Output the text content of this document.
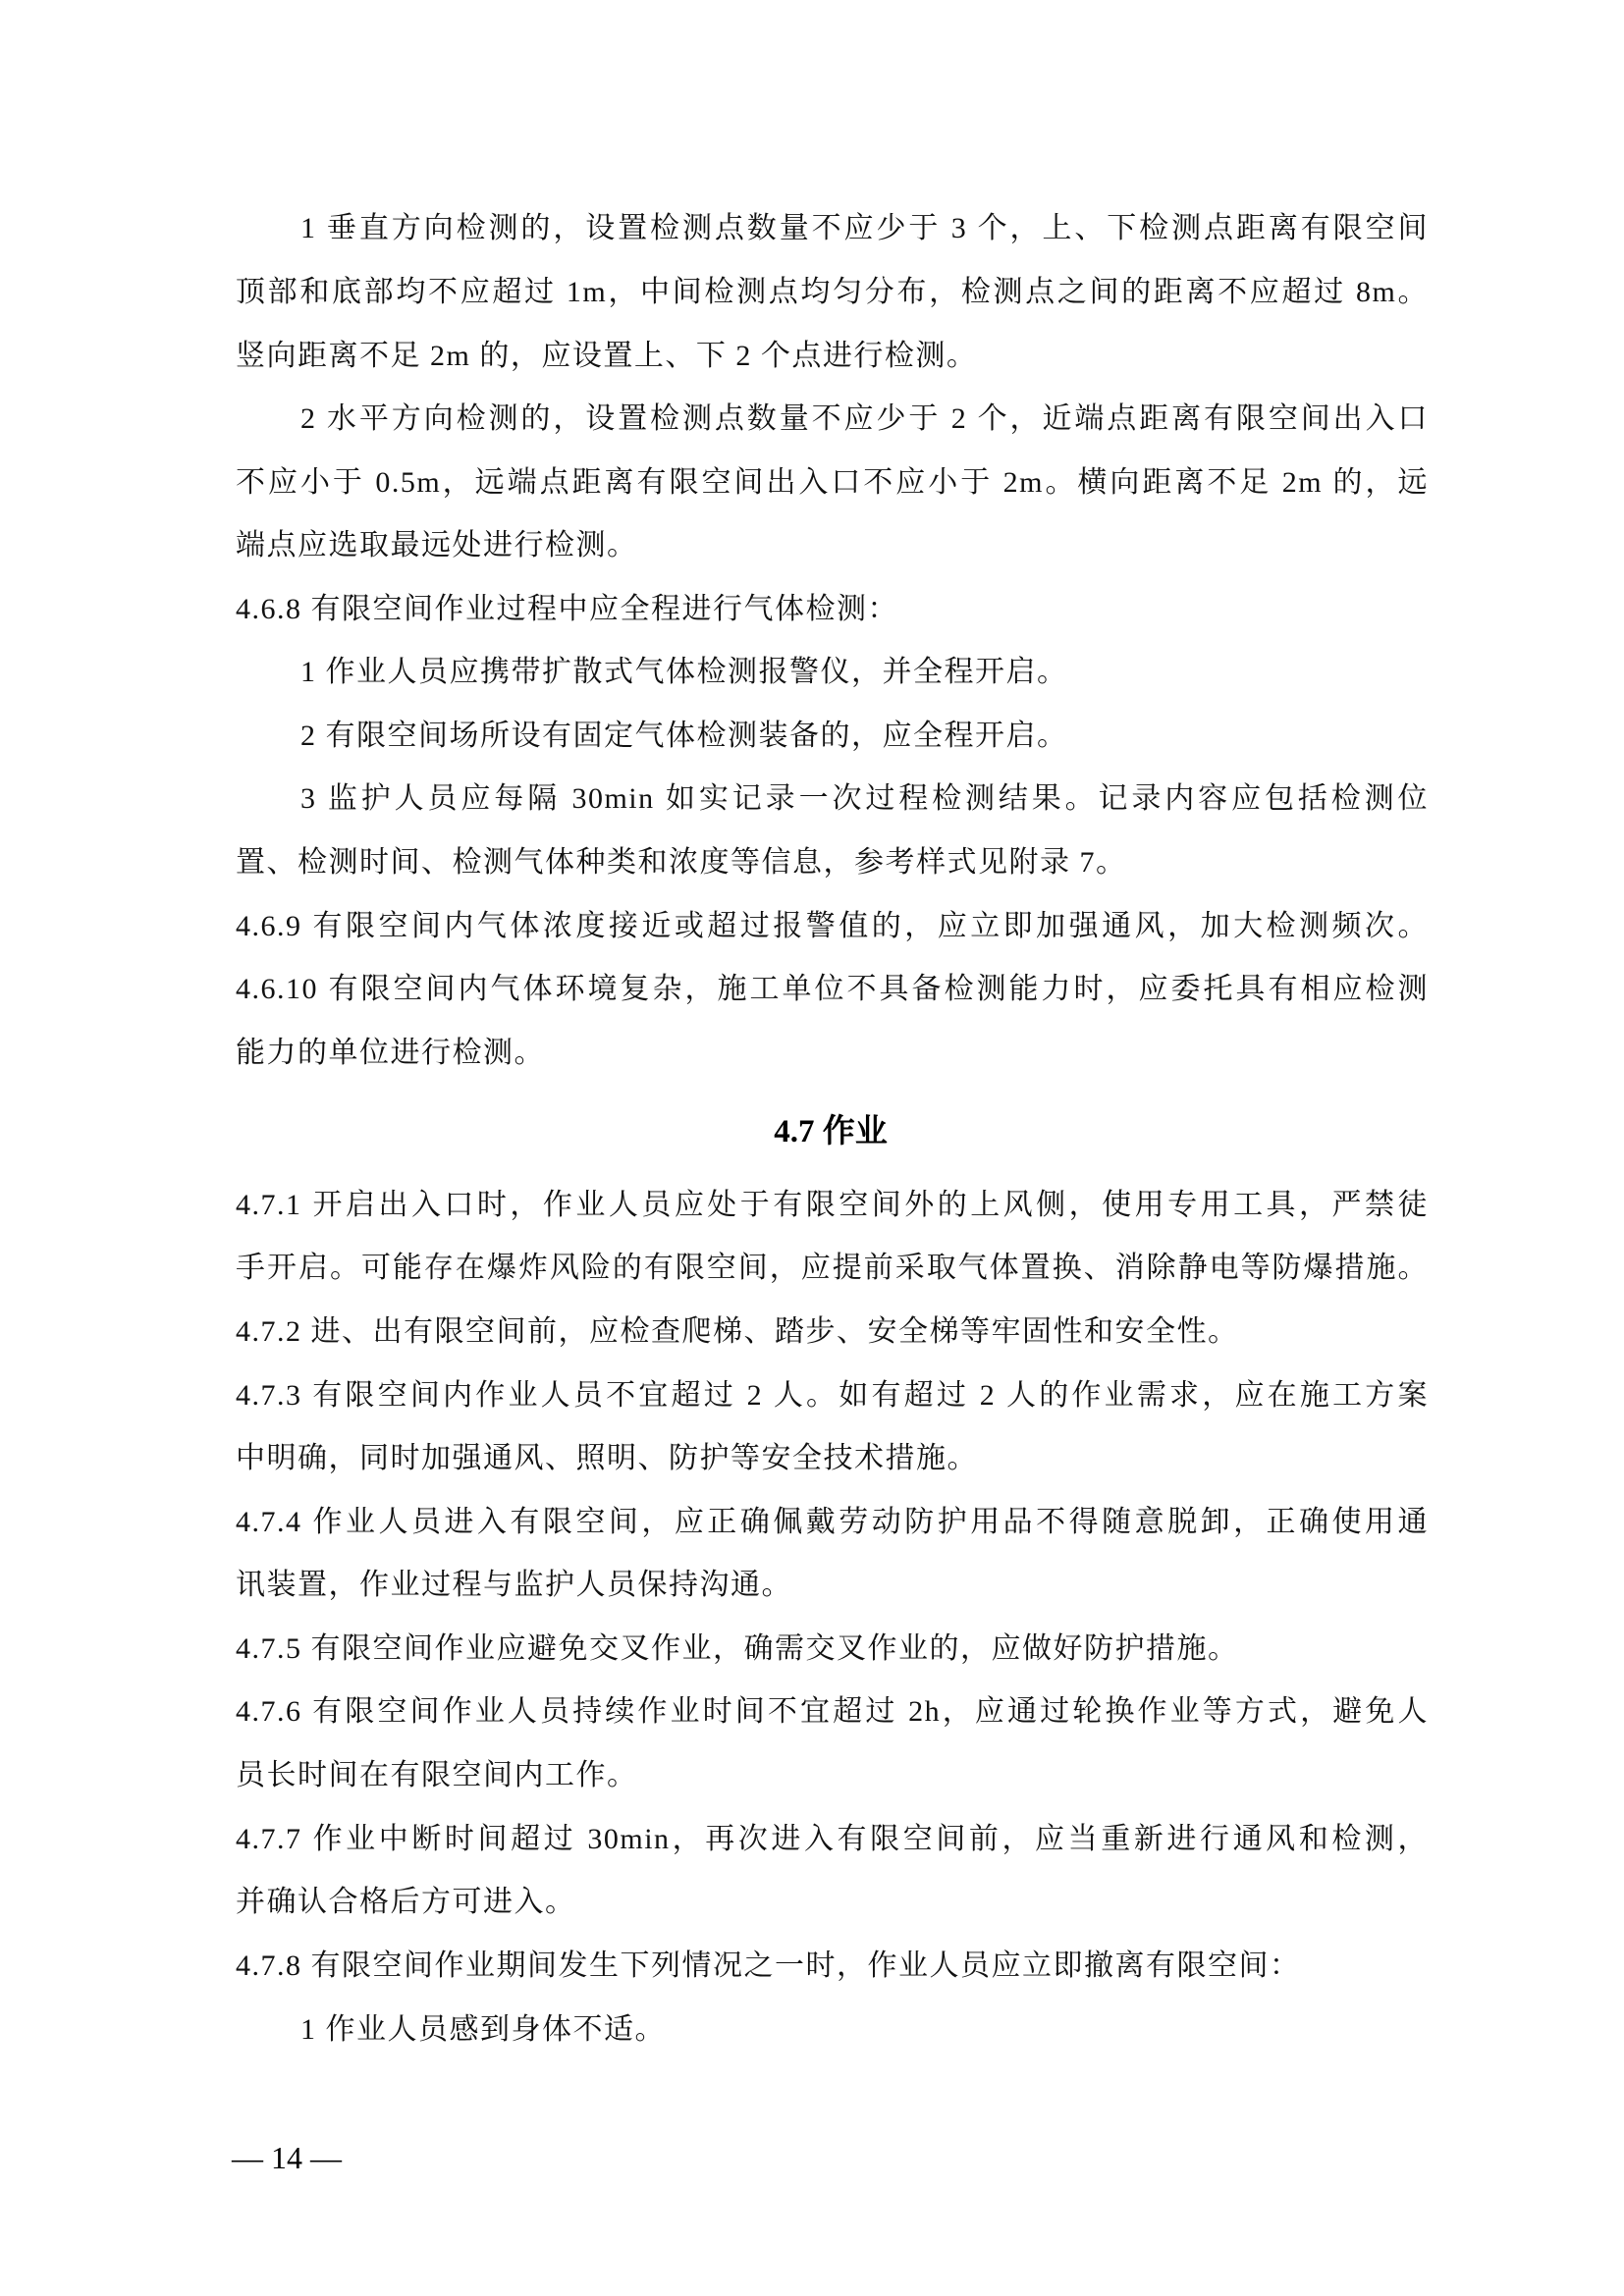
1 垂直方向检测的，设置检测点数量不应少于 3 个，上、下检测点距离有限空间
顶部和底部均不应超过 1m，中间检测点均匀分布，检测点之间的距离不应超过 8m。
竖向距离不足 2m 的，应设置上、下 2 个点进行检测。
2 水平方向检测的，设置检测点数量不应少于 2 个，近端点距离有限空间出入口
不应小于 0.5m，远端点距离有限空间出入口不应小于 2m。横向距离不足 2m 的，远
端点应选取最远处进行检测。
4.6.8 有限空间作业过程中应全程进行气体检测：
1 作业人员应携带扩散式气体检测报警仪，并全程开启。
2 有限空间场所设有固定气体检测装备的，应全程开启。
3 监护人员应每隔 30min 如实记录一次过程检测结果。记录内容应包括检测位
置、检测时间、检测气体种类和浓度等信息，参考样式见附录 7。
4.6.9 有限空间内气体浓度接近或超过报警值的，应立即加强通风，加大检测频次。
4.6.10 有限空间内气体环境复杂，施工单位不具备检测能力时，应委托具有相应检测
能力的单位进行检测。
4.7 作业
4.7.1 开启出入口时，作业人员应处于有限空间外的上风侧，使用专用工具，严禁徒
手开启。可能存在爆炸风险的有限空间，应提前采取气体置换、消除静电等防爆措施。
4.7.2 进、出有限空间前，应检查爬梯、踏步、安全梯等牢固性和安全性。
4.7.3 有限空间内作业人员不宜超过 2 人。如有超过 2 人的作业需求，应在施工方案
中明确，同时加强通风、照明、防护等安全技术措施。
4.7.4 作业人员进入有限空间，应正确佩戴劳动防护用品不得随意脱卸，正确使用通
讯装置，作业过程与监护人员保持沟通。
4.7.5 有限空间作业应避免交叉作业，确需交叉作业的，应做好防护措施。
4.7.6 有限空间作业人员持续作业时间不宜超过 2h，应通过轮换作业等方式，避免人
员长时间在有限空间内工作。
4.7.7 作业中断时间超过 30min，再次进入有限空间前，应当重新进行通风和检测，
并确认合格后方可进入。
4.7.8 有限空间作业期间发生下列情况之一时，作业人员应立即撤离有限空间：
1 作业人员感到身体不适。
— 14 —
